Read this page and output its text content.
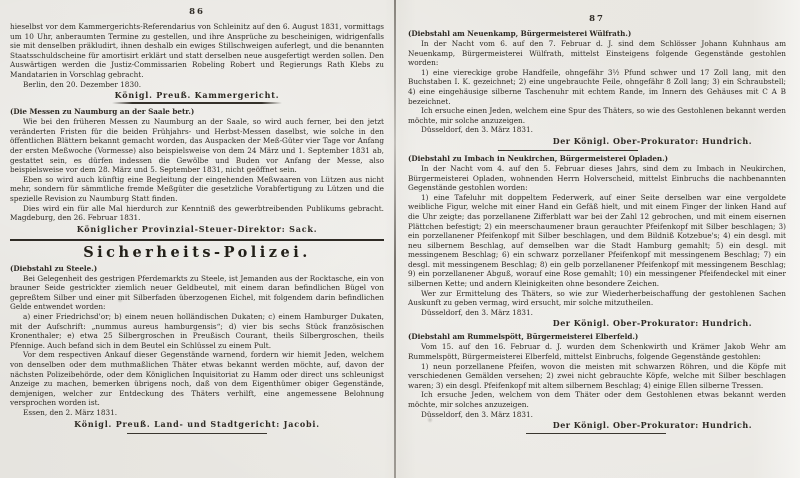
86

hieselbst vor dem Kammergerichts-Referendarius von Schleinitz auf den 6. August 1831, vormittags um 10 Uhr, anberaumten Termine zu gestellen, und ihre Ansprüche zu bescheinigen, widrigenfalls sie mit denselben präkludirt, ihnen deshalb ein ewiges Stillschweigen auferlegt, und die benannten Staatsschuldscheine für amortisirt erklärt und statt derselben neue ausgefertigt werden sollen. Den Auswärtigen werden die Justiz-Commissarien Robeling Robert und Regierungs Rath Klebs zu Mandatarien in Vorschlag gebracht.

Berlin, den 20. Dezember 1830.
Königl. Preuß. Kammergericht.
(Die Messen zu Naumburg an der Saale betr.)

Wie bei den früheren Messen zu Naumburg an der Saale, so wird auch ferner, bei den jetzt veränderten Fristen für die beiden Frühjahrs- und Herbst-Messen daselbst, wie solche in den öffentlichen Blättern bekannt gemacht worden, das Auspacken der Meß-Güter vier Tage vor Anfang der ersten Meßwoche (Vormesse) also beispielsweise von dem 24 März und 1. September 1831 ab, gestattet sein, es dürfen indessen die Gewölbe und Buden vor Anfang der Messe, also beispielsweise vor dem 28. März und 5. September 1831, nicht geöffnet sein.

Eben so wird auch künftig eine Begleitung der eingehenden Meßwaaren von Lützen aus nicht mehr, sondern für sämmtliche fremde Meßgüter die gesetzliche Vorabfertigung zu Lützen und die spezielle Revision zu Naumburg Statt finden.

Dies wird ein für alle Mal hierdurch zur Kenntniß des gewerbtreibenden Publikums gebracht. Magdeburg, den 26. Februar 1831.

Königlicher Provinzial-Steuer-Direktor: Sack.
Sicherheits-Polizei.
(Diebstahl zu Steele.)

Bei Gelegenheit des gestrigen Pferdemarkts zu Steele, ist Jemanden aus der Rocktasche, ein von brauner Seide gestrickter ziemlich neuer Geldbeutel, mit einem daran befindlichen Bügel von gepreßtem Silber und einer mit Silberfaden überzogenen Eichel, mit folgendem darin befindlichen Gelde entwendet worden:

a) einer Friedrichsd'or; b) einem neuen holländischen Dukaten; c) einem Hamburger Dukaten, mit der Aufschrift: „nummus aureus hamburgensis“; d) vier bis sechs Stück französischen Kronenthaler; e) etwa 25 Silbergroschen in Preußisch Courant, theils Silbergroschen, theils Pfennige. Auch befand sich in dem Beutel ein Schlüssel zu einem Pult.

Vor dem respectiven Ankauf dieser Gegenstände warnend, fordern wir hiemit Jeden, welchem von denselben oder dem muthmaßlichen Thäter etwas bekannt werden möchte, auf, davon der nächsten Polizeibehörde, oder dem Königlichen Inquisitoriat zu Hamm oder direct uns schleunigst Anzeige zu machen, bemerken übrigens noch, daß von dem Eigenthümer obiger Gegenstände, demjenigen, welcher zur Entdeckung des Thäters verhilft, eine angemessene Belohnung versprochen worden ist.

Essen, den 2. März 1831.
Königl. Preuß. Land- und Stadtgericht: Jacobi.
87
(Diebstahl am Neuenkamp, Bürgermeisterei Wülfrath.)

In der Nacht vom 6. auf den 7. Februar d. J. sind dem Schlösser Johann Kuhnhaus am Neuenkamp, Bürgermeisterei Wülfrath, mittelst Einsteigens folgende Gegenstände gestohlen worden:

1) eine viereckige grobe Handfeile, ohngefähr 3½ Pfund schwer und 17 Zoll lang, mit den Buchstaben I. K. gezeichnet; 2) eine ungebrauchte Feile, ohngefähr 8 Zoll lang; 3) ein Schraubstell; 4) eine eingehäusige silberne Taschenuhr mit echtem Rande, im Innern des Gehäuses mit C A B bezeichnet.

Ich ersuche einen Jeden, welchem eine Spur des Thäters, so wie des Gestohlenen bekannt werden möchte, mir solche anzuzeigen.

Düsseldorf, den 3. März 1831.
Der Königl. Ober-Prokurator: Hundrich.
(Diebstahl zu Imbach in Neukirchen, Bürgermeisterei Opladen.)

In der Nacht vom 4. auf den 5. Februar dieses Jahrs, sind dem zu Imbach in Neukirchen, Bürgermeisterei Opladen, wohnenden Herrn Holverscheid, mittelst Einbruchs die nachbenannten Gegenstände gestohlen worden:

1) eine Tafeluhr mit doppeltem Federwerk, auf einer Seite derselben war eine vergoldete weibliche Figur, welche mit einer Hand ein Gefäß hielt, und mit einem Finger der linken Hand auf die Uhr zeigte; das porzellanene Zifferblatt war bei der Zahl 12 gebrochen, und mit einem eisernen Plättchen befestigt; 2) ein meerschaumener braun gerauchter Pfeifenkopf mit Silber beschlagen; 3) ein porzellanener Pfeifenkopf mit Silber beschlagen, und dem Bildniß Kotzebue's; 4) ein desgl. mit neu silbernem Beschlag, auf demselben war die Stadt Hamburg gemahlt; 5) ein desgl. mit messingenem Beschlag; 6) ein schwarz porzellaner Pfeifenkopf mit messingenem Beschlag; 7) ein desgl. mit messingenem Beschlag; 8) ein gelb porzellanener Pfeifenkopf mit messingenem Beschlag; 9) ein porzellanener Abguß, worauf eine Rose gemahlt; 10) ein messingener Pfeifendeckel mit einer silbernen Kette; und andern Kleinigkeiten ohne besondere Zeichen.

Wer zur Ermittelung des Thäters, so wie zur Wiederherbeischaffung der gestohlenen Sachen Auskunft zu geben vermag, wird ersucht, mir solche mitzutheilen.

Düsseldorf, den 3. März 1831.
Der Königl. Ober-Prokurator: Hundrich.
(Diebstahl am Rummelspött, Bürgermeisterei Elberfeld.)

Vom 15. auf den 16. Februar d. J. wurden dem Schenkwirth und Krämer Jakob Wehr am Rummelspött, Bürgermeisterei Elberfeld, mittelst Einbruchs, folgende Gegenstände gestohlen:

1) neun porzellanene Pfeifen, wovon die meisten mit schwarzen Röhren, und die Köpfe mit verschiedenen Gemälden versehen; 2) zwei nicht gebrauchte Köpfe, welche mit Silber beschlagen waren; 3) ein desgl. Pfeifenkopf mit altem silbernem Beschlag; 4) einige Ellen silberne Tressen.

Ich ersuche Jeden, welchem von dem Thäter oder dem Gestohlenen etwas bekannt werden möchte, mir solches anzuzeigen.

Düsseldorf, den 3. März 1831.
Der Königl. Ober-Prokurator: Hundrich.
